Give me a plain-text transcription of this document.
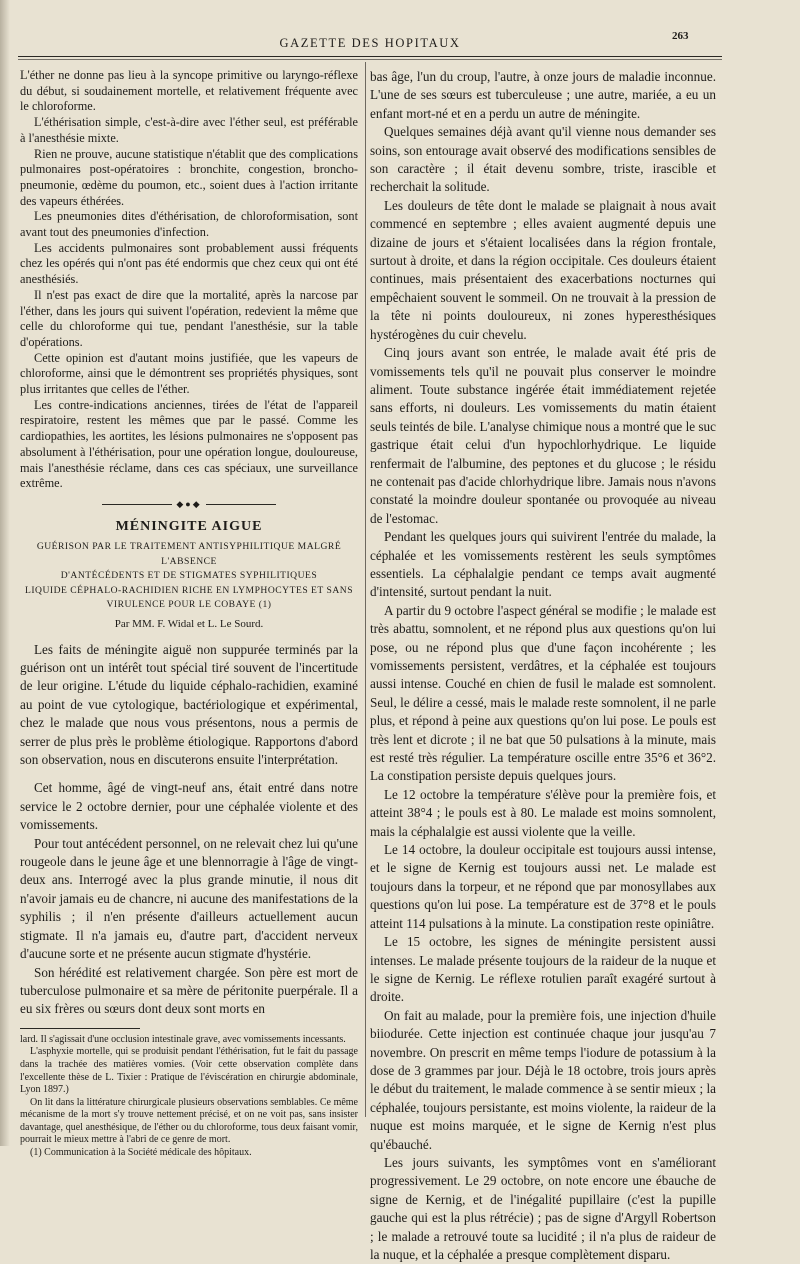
GAZETTE DES HOPITAUX	263

L'éther ne donne pas lieu à la syncope primitive ou laryngo-réflexe du début, si soudainement mortelle, et relativement fréquente avec le chloroforme.

L'éthérisation simple, c'est-à-dire avec l'éther seul, est préférable à l'anesthésie mixte.

Rien ne prouve, aucune statistique n'établit que des complications pulmonaires post-opératoires : bronchite, congestion, broncho-pneumonie, œdème du poumon, etc., soient dues à l'action irritante des vapeurs éthérées.

Les pneumonies dites d'éthérisation, de chloroformisation, sont avant tout des pneumonies d'infection.

Les accidents pulmonaires sont probablement aussi fréquents chez les opérés qui n'ont pas été endormis que chez ceux qui ont été anesthésiés.

Il n'est pas exact de dire que la mortalité, après la narcose par l'éther, dans les jours qui suivent l'opération, redevient la même que celle du chloroforme qui tue, pendant l'anesthésie, sur la table d'opérations.

Cette opinion est d'autant moins justifiée, que les vapeurs de chloroforme, ainsi que le démontrent ses propriétés physiques, sont plus irritantes que celles de l'éther.

Les contre-indications anciennes, tirées de l'état de l'appareil respiratoire, restent les mêmes que par le passé. Comme les cardiopathies, les aortites, les lésions pulmonaires ne s'opposent pas absolument à l'éthérisation, pour une opération longue, douloureuse, mais l'anesthésie réclame, dans ces cas spéciaux, une surveillance extrême.

◆●◆
MÉNINGITE AIGUE
GUÉRISON PAR LE TRAITEMENT ANTISYPHILITIQUE MALGRÉ L'ABSENCE
D'ANTÉCÉDENTS ET DE STIGMATES SYPHILITIQUES
LIQUIDE CÉPHALO-RACHIDIEN RICHE EN LYMPHOCYTES ET SANS
VIRULENCE POUR LE COBAYE (1)
Par MM. F. Widal et L. Le Sourd.

Les faits de méningite aiguë non suppurée terminés par la guérison ont un intérêt tout spécial tiré souvent de l'incertitude de leur origine. L'étude du liquide céphalo-rachidien, examiné au point de vue cytologique, bactériologique et expérimental, chez le malade que nous vous présentons, nous a permis de serrer de plus près le problème étiologique. Rapportons d'abord son observation, nous en discuterons ensuite l'interprétation.

Cet homme, âgé de vingt-neuf ans, était entré dans notre service le 2 octobre dernier, pour une céphalée violente et des vomissements.

Pour tout antécédent personnel, on ne relevait chez lui qu'une rougeole dans le jeune âge et une blennorragie à l'âge de vingt-deux ans. Interrogé avec la plus grande minutie, il nous dit n'avoir jamais eu de chancre, ni aucune des manifestations de la syphilis ; il n'en présente d'ailleurs actuellement aucun stigmate. Il n'a jamais eu, d'autre part, d'accident nerveux d'aucune sorte et ne présente aucun stigmate d'hystérie.

Son hérédité est relativement chargée. Son père est mort de tuberculose pulmonaire et sa mère de péritonite puerpérale. Il a eu six frères ou sœurs dont deux sont morts en

lard. Il s'agissait d'une occlusion intestinale grave, avec vomissements incessants.

L'asphyxie mortelle, qui se produisit pendant l'éthérisation, fut le fait du passage dans la trachée des matières vomies. (Voir cette observation complète dans l'excellente thèse de L. Tixier : Pratique de l'éviscération en chirurgie abdominale, Lyon 1897.)

On lit dans la littérature chirurgicale plusieurs observations semblables. Ce même mécanisme de la mort s'y trouve nettement précisé, et on ne voit pas, sans insister davantage, quel anesthésique, de l'éther ou du chloroforme, tous deux faisant vomir, pourrait le mieux mettre à l'abri de ce genre de mort.

(1) Communication à la Société médicale des hôpitaux.

bas âge, l'un du croup, l'autre, à onze jours de maladie inconnue. L'une de ses sœurs est tuberculeuse ; une autre, mariée, a eu un enfant mort-né et en a perdu un autre de méningite.

Quelques semaines déjà avant qu'il vienne nous demander ses soins, son entourage avait observé des modifications sensibles de son caractère ; il était devenu sombre, triste, irascible et recherchait la solitude.

Les douleurs de tête dont le malade se plaignait à nous avait commencé en septembre ; elles avaient augmenté depuis une dizaine de jours et s'étaient localisées dans la région frontale, surtout à droite, et dans la région occipitale. Ces douleurs étaient continues, mais présentaient des exacerbations nocturnes qui empêchaient souvent le sommeil. On ne trouvait à la pression de la tête ni points douloureux, ni zones hyperesthésiques hystérogènes du cuir chevelu.

Cinq jours avant son entrée, le malade avait été pris de vomissements tels qu'il ne pouvait plus conserver le moindre aliment. Toute substance ingérée était immédiatement rejetée sans efforts, ni douleurs. Les vomissements du matin étaient seuls teintés de bile. L'analyse chimique nous a montré que le suc gastrique était celui d'un hypochlorhydrique. Le liquide renfermait de l'albumine, des peptones et du glucose ; le résidu ne contenait pas d'acide chlorhydrique libre. Jamais nous n'avons constaté la moindre douleur spontanée ou provoquée au niveau de l'estomac.

Pendant les quelques jours qui suivirent l'entrée du malade, la céphalée et les vomissements restèrent les seuls symptômes essentiels. La céphalalgie pendant ce temps avait augmenté d'intensité, surtout pendant la nuit.

A partir du 9 octobre l'aspect général se modifie ; le malade est très abattu, somnolent, et ne répond plus aux questions qu'on lui pose, ou ne répond plus que d'une façon incohérente ; les vomissements persistent, verdâtres, et la céphalée est toujours aussi intense. Couché en chien de fusil le malade est somnolent. Seul, le délire a cessé, mais le malade reste somnolent, il ne parle plus, et répond à peine aux questions qu'on lui pose. Le pouls est très lent et dicrote ; il ne bat que 50 pulsations à la minute, mais est resté très régulier. La température oscille entre 35°6 et 36°2. La constipation persiste depuis quelques jours.

Le 12 octobre la température s'élève pour la première fois, et atteint 38°4 ; le pouls est à 80. Le malade est moins somnolent, mais la céphalalgie est aussi violente que la veille.

Le 14 octobre, la douleur occipitale est toujours aussi intense, et le signe de Kernig est toujours aussi net. Le malade est toujours dans la torpeur, et ne répond que par monosyllabes aux questions qu'on lui pose. La température est de 37°8 et le pouls atteint 114 pulsations à la minute. La constipation reste opiniâtre.

Le 15 octobre, les signes de méningite persistent aussi intenses. Le malade présente toujours de la raideur de la nuque et le signe de Kernig. Le réflexe rotulien paraît exagéré surtout à droite.

On fait au malade, pour la première fois, une injection d'huile biiodurée. Cette injection est continuée chaque jour jusqu'au 7 novembre. On prescrit en même temps l'iodure de potassium à la dose de 3 grammes par jour. Déjà le 18 octobre, trois jours après le début du traitement, le malade commence à se sentir mieux ; la céphalée, toujours persistante, est moins violente, la raideur de la nuque est moins marquée, et le signe de Kernig n'est plus qu'ébauché.

Les jours suivants, les symptômes vont en s'améliorant progressivement. Le 29 octobre, on note encore une ébauche de signe de Kernig, et de l'inégalité pupillaire (c'est la pupille gauche qui est la plus rétrécie) ; pas de signe d'Argyll Robertson ; le malade a retrouvé toute sa lucidité ; il n'a plus de raideur de la nuque, et la céphalée a presque complètement disparu.
